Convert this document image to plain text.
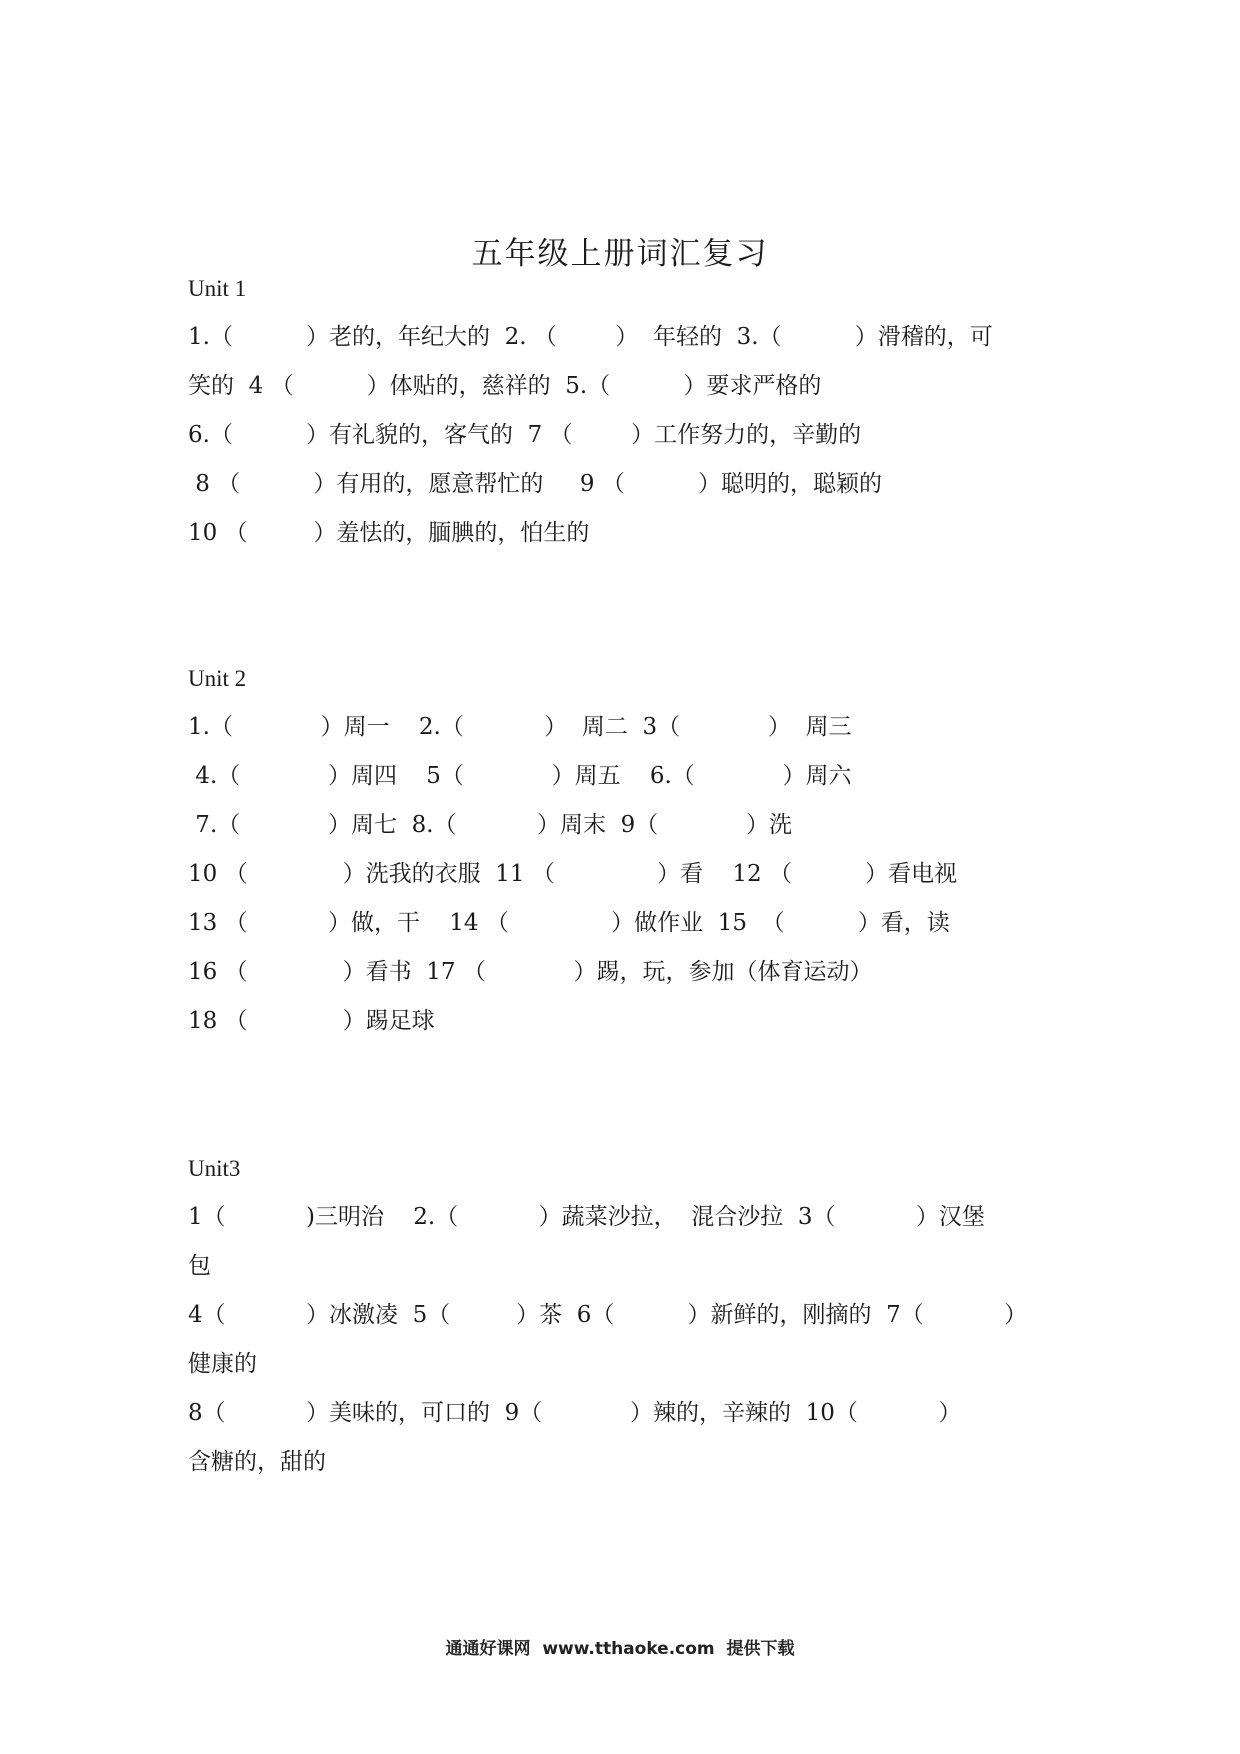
五年级上册词汇复习
Unit 1
1.（          ）老的，年纪大的  2. （        ）  年轻的  3.（          ）滑稽的，可
笑的  4 （          ）体贴的，慈祥的  5.（          ）要求严格的
6.（          ）有礼貌的，客气的  7 （        ）工作努力的，辛勤的
8 （          ）有用的，愿意帮忙的     9 （          ）聪明的，聪颖的
10 （         ）羞怯的，腼腆的，怕生的
Unit 2
1.（            ）周一    2.（           ）  周二  3（            ）  周三
4.（            ）周四    5（            ）周五    6.（            ）周六
7.（            ）周七  8.（           ）周末  9（            ）洗
10 （             ）洗我的衣服  11 （              ）看    12 （          ）看电视
13 （           ）做，干    14 （              ）做作业  15  （          ）看，读
16 （             ）看书  17 （            ）踢，玩，参加（体育运动）
18 （             ）踢足球
Unit3
1（           )三明治    2.（           ）蔬菜沙拉，  混合沙拉  3（           ）汉堡
包
4（           ）冰激凌  5（         ）茶  6（          ）新鲜的，刚摘的  7（           ）
健康的
8（           ）美味的，可口的  9（            ）辣的，辛辣的  10（           ）
含糖的，甜的
通通好课网  www.tthaoke.com  提供下载
